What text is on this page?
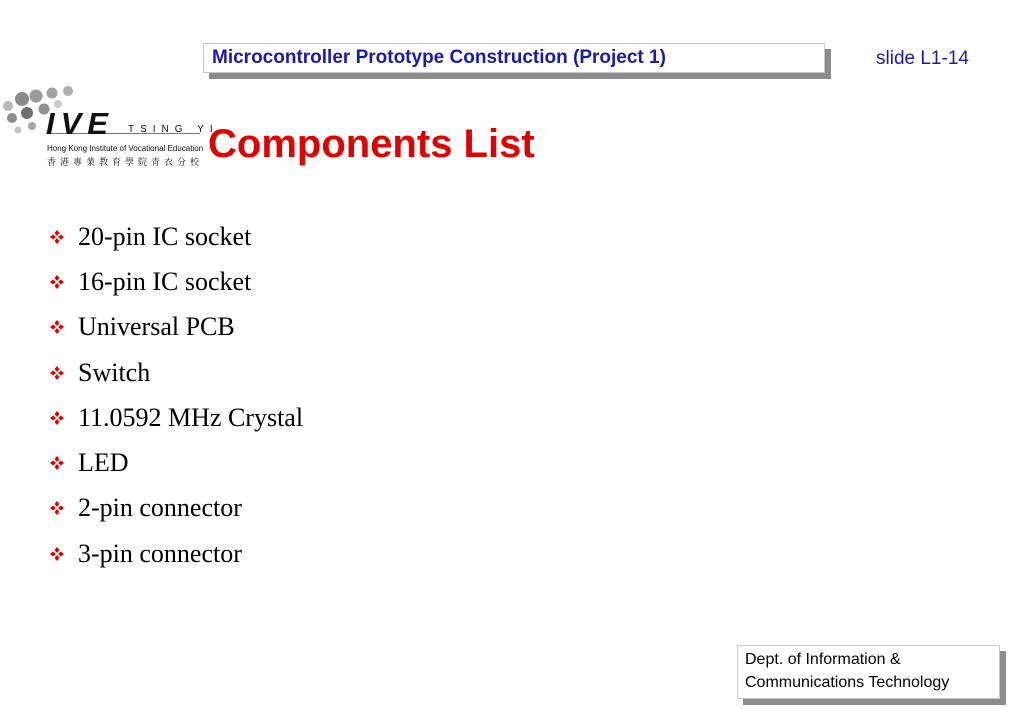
Microcontroller Prototype Construction (Project 1)	slide L1-14
IVE TSING YI
Hong Kong Institute of Vocational Education
香港專業教育學院青衣分校 Components List
20-pin IC socket
16-pin IC socket
Universal PCB
Switch
11.0592 MHz Crystal
LED
2-pin connector
3-pin connector
Dept. of Information &
Communications Technology
